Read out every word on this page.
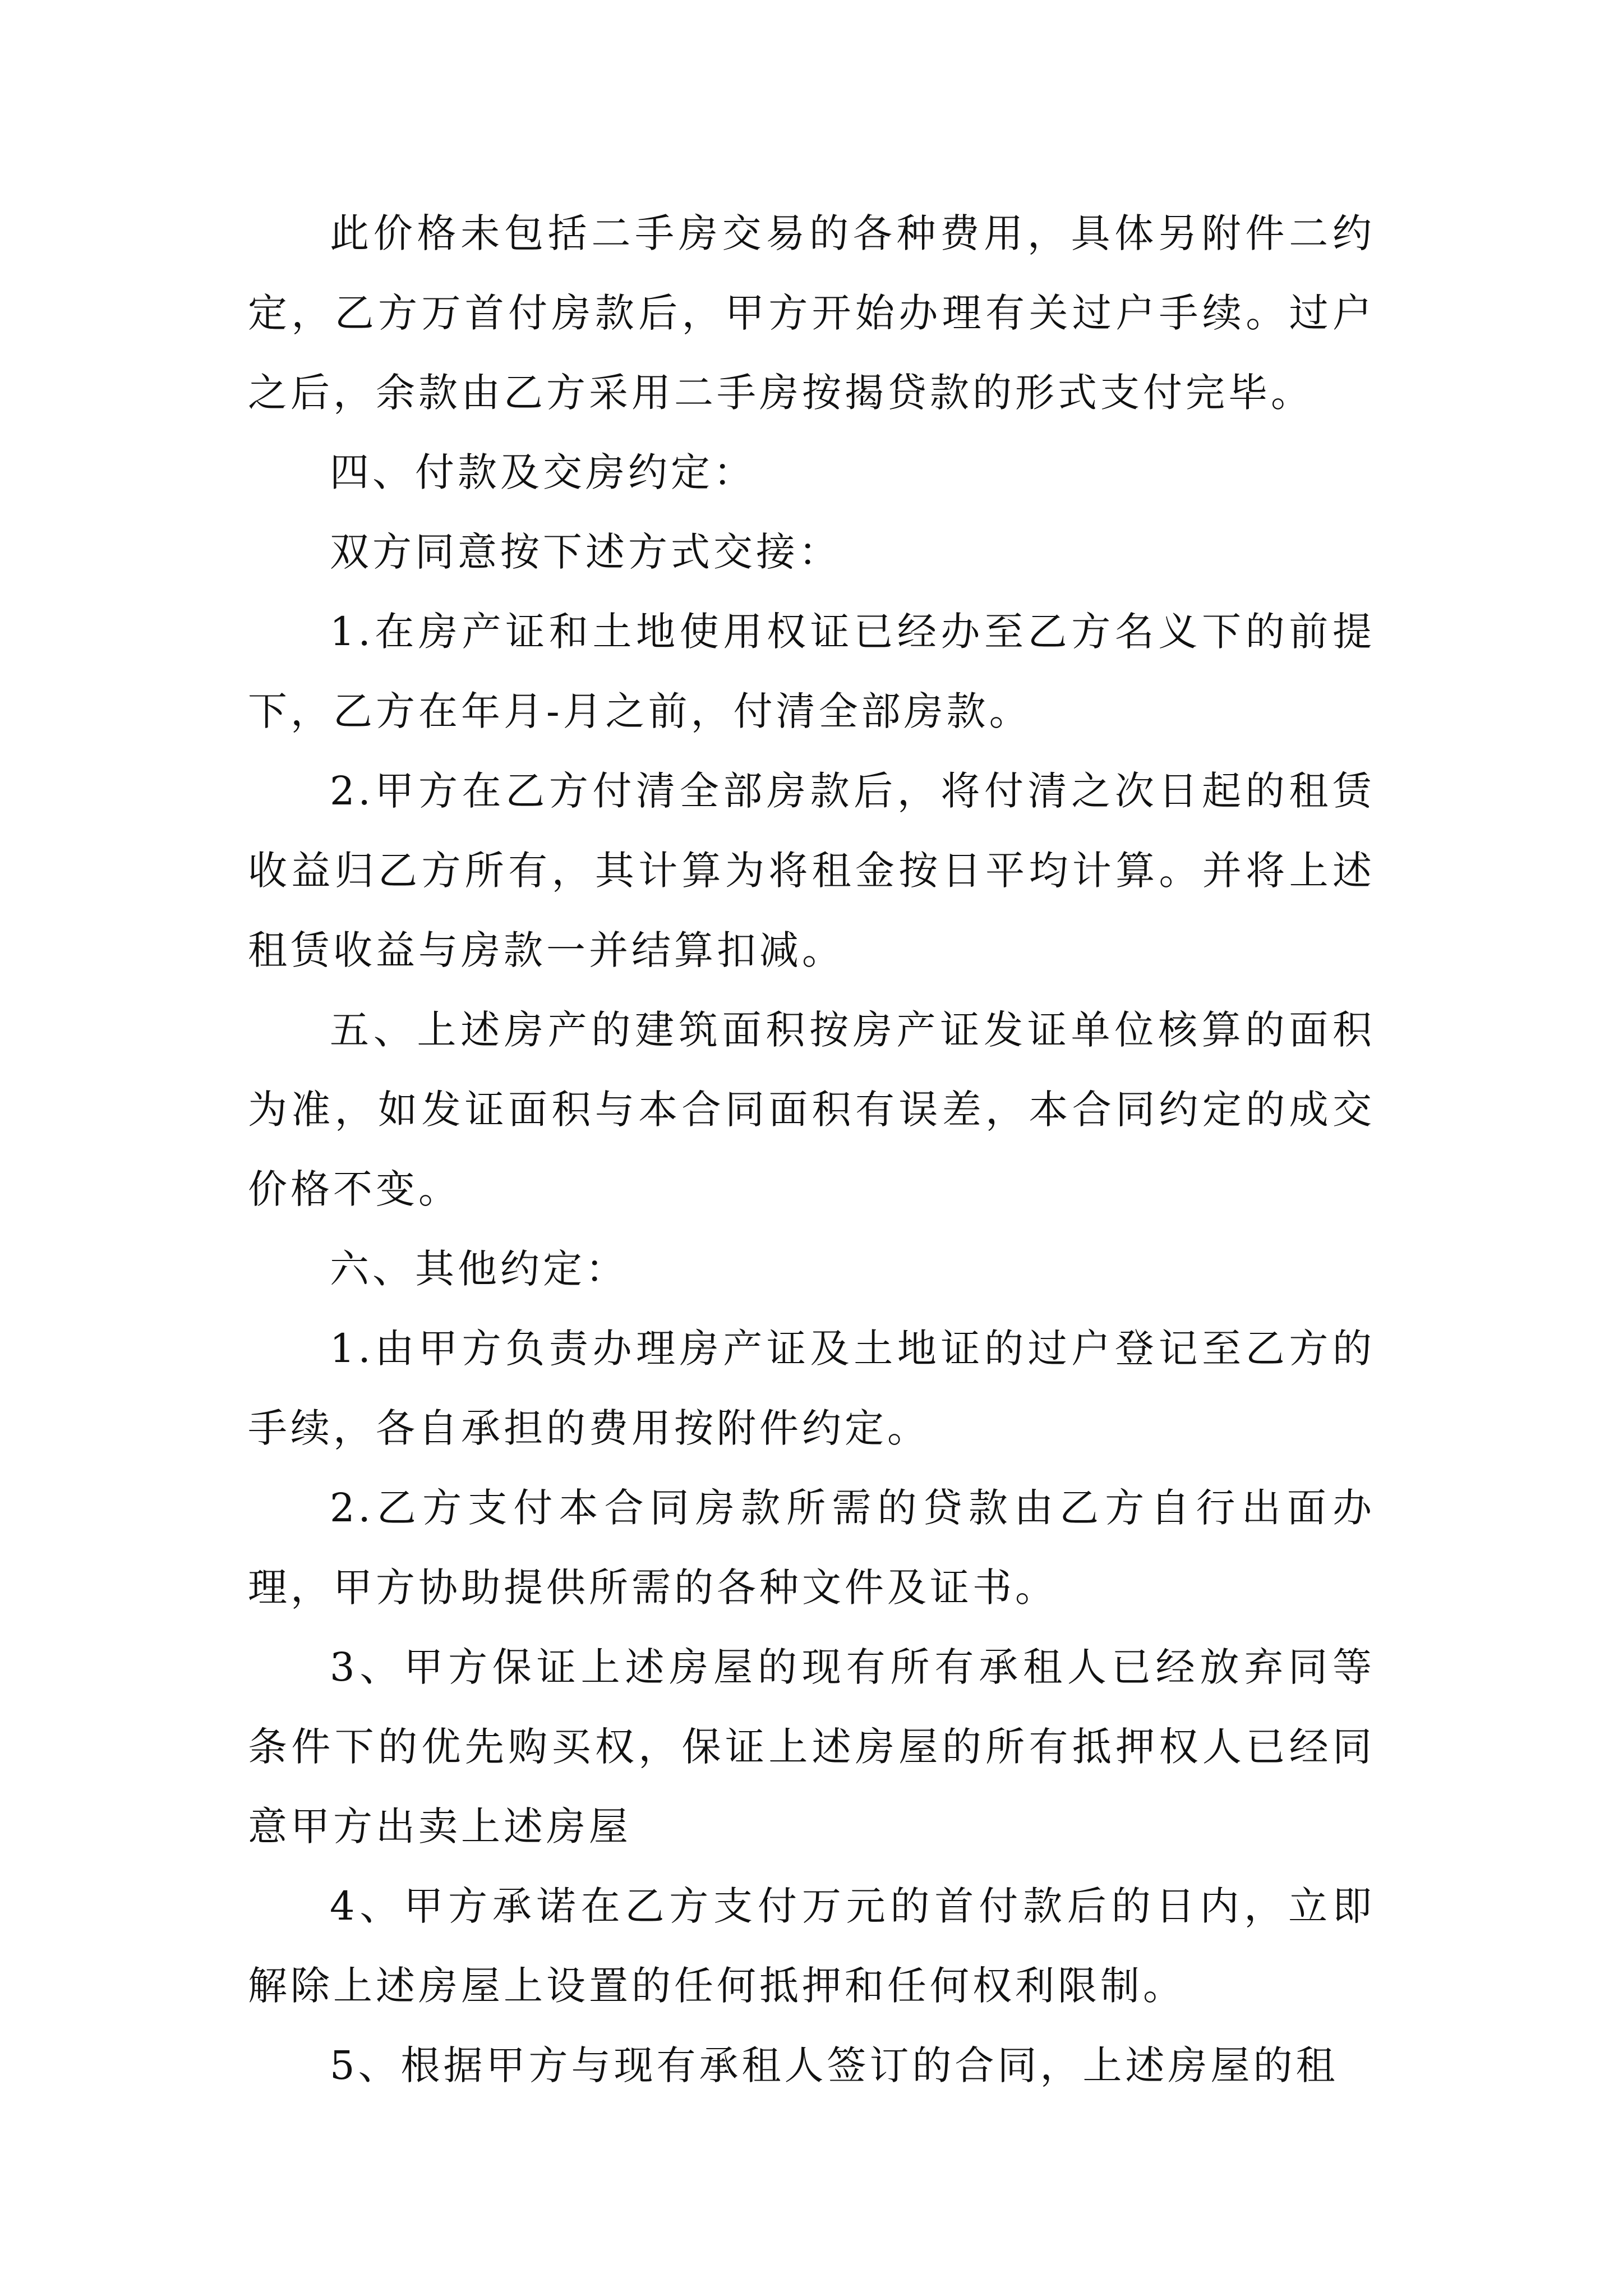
此价格未包括二手房交易的各种费用，具体另附件二约定，乙方万首付房款后，甲方开始办理有关过户手续。过户之后，余款由乙方采用二手房按揭贷款的形式支付完毕。

四、付款及交房约定：

双方同意按下述方式交接：

1.在房产证和土地使用权证已经办至乙方名义下的前提下，乙方在年月-月之前，付清全部房款。

2.甲方在乙方付清全部房款后，将付清之次日起的租赁收益归乙方所有，其计算为将租金按日平均计算。并将上述租赁收益与房款一并结算扣减。

五、上述房产的建筑面积按房产证发证单位核算的面积为准，如发证面积与本合同面积有误差，本合同约定的成交价格不变。

六、其他约定：

1.由甲方负责办理房产证及土地证的过户登记至乙方的手续，各自承担的费用按附件约定。

2.乙方支付本合同房款所需的贷款由乙方自行出面办理，甲方协助提供所需的各种文件及证书。

3、甲方保证上述房屋的现有所有承租人已经放弃同等条件下的优先购买权，保证上述房屋的所有抵押权人已经同意甲方出卖上述房屋

4、甲方承诺在乙方支付万元的首付款后的日内，立即解除上述房屋上设置的任何抵押和任何权利限制。

5、根据甲方与现有承租人签订的合同，上述房屋的租
